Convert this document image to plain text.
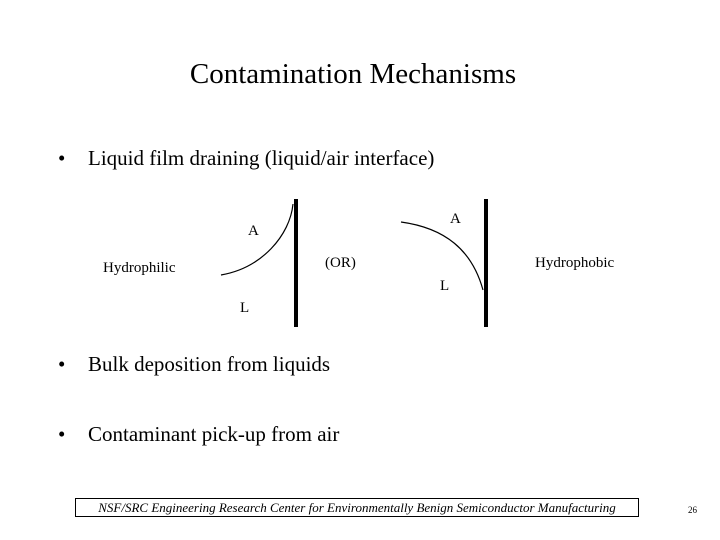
Contamination Mechanisms
• Liquid film draining (liquid/air interface)
A
L
Hydrophilic	(OR)
A
L
Hydrophobic
• Bulk deposition from liquids
• Contaminant pick-up from air
NSF/SRC Engineering Research Center for Environmentally Benign Semiconductor Manufacturing	26
